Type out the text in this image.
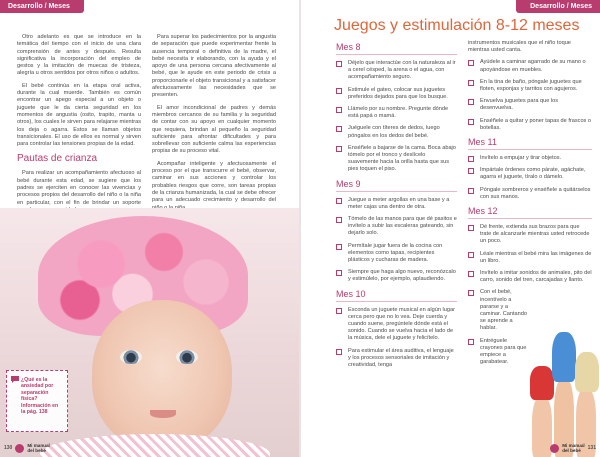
Desarrollo / Meses 8-9

Otro adelanto es que se introduce en la temática del tiempo con el inicio de una clara comprensión de antes y después. Resulta significativa la incorporación del empleo de gestos y la imitación de muecas de tristeza, alegría u otros sentidos por otros niños o adultos.

El bebé continúa en la etapa oral activa, durante la cual muerde. También es común encontrar un apego especial a un objeto o juguete que le da cierta seguridad en los momentos de angustia (osito, trapito, manta u otros), los cuales le sirven para relajarse mientras los deja o agarra. Estos se llaman objetos transicionales. El uso de ellos es normal y sirven para controlar las tensiones propias de la edad.

Pautas de crianza

Para realizar un acompañamiento afectuoso al bebé durante esta edad, se sugiere que los padres se ejerciten en conocer las vivencias y procesos propios del desarrollo del niño o la niña en particular, con el fin de brindar un soporte

Para superar los padecimientos por la angustia de separación que puede experimentar frente la ausencia temporal o definitiva de la madre, el bebé necesita ir elaborando, con la ayuda y el apoyo de una persona cercana afectivamente al bebé, que le ayude en este periodo de crisis a proporcionarle el objeto transicional y a satisfacer afectuosamente las necesidades que se presenten.

El amor incondicional de padres y demás miembros cercanos de su familia y la seguridad de contar con su apoyo en cualquier momento que requiera, brindan al pequeño la seguridad suficiente para afrontar dificultades y para sobrellevar con suficiente calma las experiencias propias de su proceso vital.

Acompañar inteligente y afectuosamente el proceso por el que transcurre el bebé, observar, caminar en sus acciones y controlar los probables riesgos que corre, son tareas propias de la crianza humanizada, la cual se debe ofrecer para un adecuado crecimiento y desarrollo del

¿Qué es la ansiedad por separación física? Información en la pág. 138
130	Mi manual
del bebé
Desarrollo / Meses 8-9
Juegos y estimulación 8-12 meses
Mes 8
Déjelo que interactúe con la naturaleza al ir a cerel césped, la arena o el agua, con acompañamiento seguro.
Estimule el gateo, colocar sus juguetes preferidos dejados para que los busque.
Llámelo por su nombre. Pregunte dónde está papá o mamá.
Juéguele con títeres de dedos, luego póngalos en los dedos del bebé.
Enséñele a bajarse de la cama. Boca abajo tómelo por el tronco y deslícelo suavemente hacia la orilla hasta que sus pies toquen el piso.
Mes 9
Juegue a meter argollas en una base y a meter cajas una dentro de otra.
Tómelo de las manos para que dé pasitos e invítelo a subir las escaleras gateando, sin dejarlo solo.
Permítale jugar fuera de la cocina con elementos como tapas, recipientes plásticos y cucharas de madera.
Siempre que haga algo nuevo, reconózcalo y estimúlelo, por ejemplo, aplaudiendo.
Mes 10
Esconda un juguete musical en algún lugar cerca pero que no lo vea. Deje cuerda y cuando suene, pregúntele dónde está el sonido. Cuando se vuelva hacia el lado de la música, dele el juguete y felicítelo.
Para estimular el área auditiva, el lenguaje y los procesos sensoriales de imitación y creatividad, tenga
instrumentos musicales que el niño toque mientras usted canta.
Ayúdele a caminar agarrado de su mano o apoyándose en muebles.
En la tina de baño, póngale juguetes que floten, esponjas y tarritos con agujeros.
Envuelva juguetes para que los desenvuelva.
Enséñele a quitar y poner tapas de frascos o botellas.
Mes 11
Invítelo a empujar y tirar objetos.
Impártale órdenes como párate, agáchate, agarra el juguete, tíralo o dámelo.
Póngale sombreros y enséñele a quitárselos con sus manos.
Mes 12
Dé frente, extienda sus brazos para que trate de alcanzarle mientras usted retrocede un poco.
Léale mientras el bebé mira las imágenes de un libro.
Invítelo a imitar sonidos de animales, pito del carro, sonido del tren, carcajadas y llanto.
Con el bebé, incentívelo a pararse y a caminar. Cantando se aprende a hablar.
Entréguele crayones para que empiece a garabatear.
Mi manual
del bebé	131
